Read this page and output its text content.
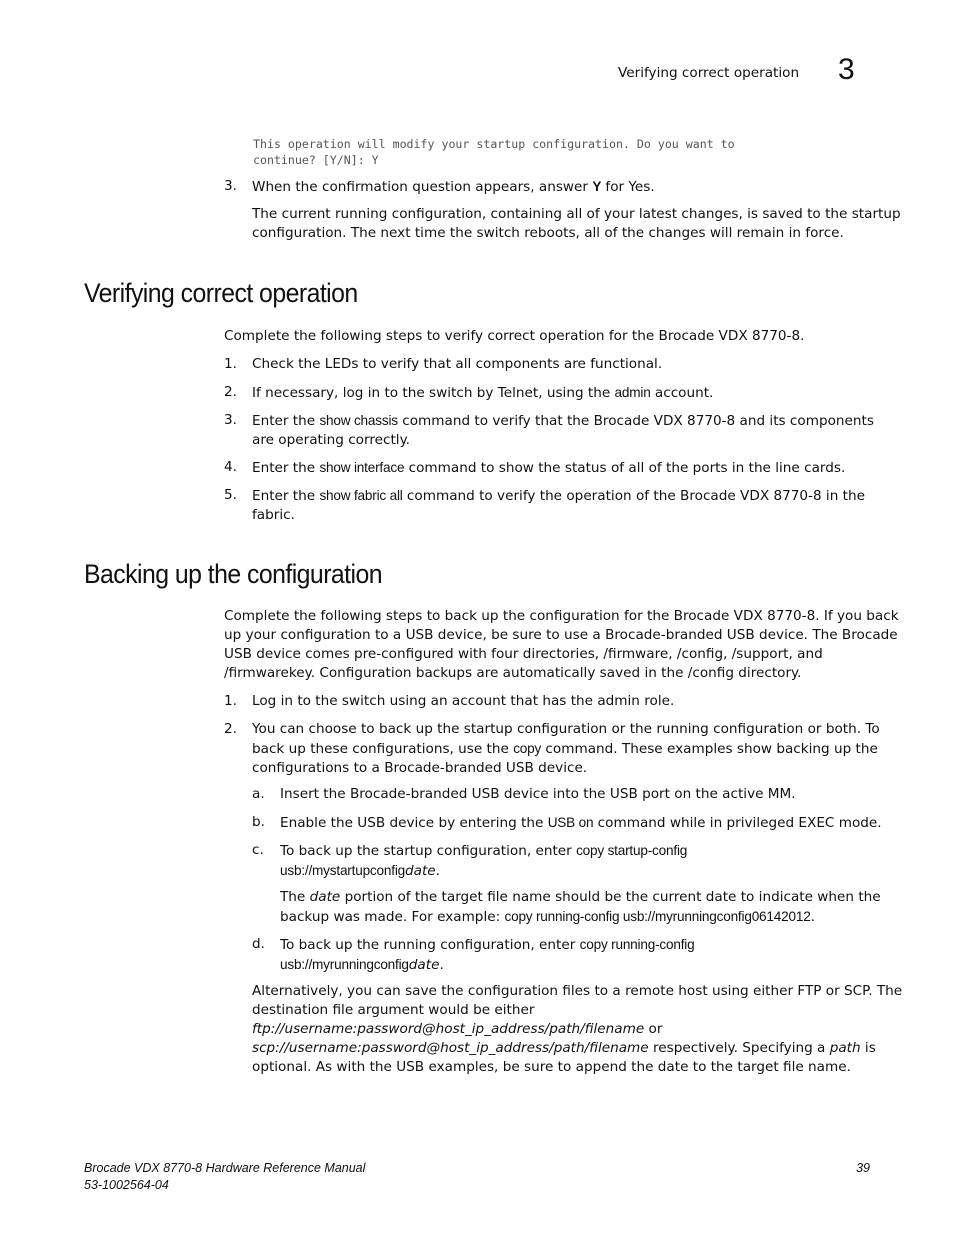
Verifying correct operation 3
This operation will modify your startup configuration. Do you want to
continue? [Y/N]: Y
3. When the confirmation question appears, answer Y for Yes.
The current running configuration, containing all of your latest changes, is saved to the startup
configuration. The next time the switch reboots, all of the changes will remain in force.
Verifying correct operation
Complete the following steps to verify correct operation for the Brocade VDX 8770-8.
1. Check the LEDs to verify that all components are functional.
2. If necessary, log in to the switch by Telnet, using the admin account.
3. Enter the show chassis command to verify that the Brocade VDX 8770-8 and its components
are operating correctly.
4. Enter the show interface command to show the status of all of the ports in the line cards.
5. Enter the show fabric all command to verify the operation of the Brocade VDX 8770-8 in the
fabric.
Backing up the configuration
Complete the following steps to back up the configuration for the Brocade VDX 8770-8. If you back
up your configuration to a USB device, be sure to use a Brocade-branded USB device. The Brocade
USB device comes pre-configured with four directories, /firmware, /config, /support, and
/firmwarekey. Configuration backups are automatically saved in the /config directory.
1. Log in to the switch using an account that has the admin role.
2. You can choose to back up the startup configuration or the running configuration or both. To
back up these configurations, use the copy command. These examples show backing up the
configurations to a Brocade-branded USB device.
a. Insert the Brocade-branded USB device into the USB port on the active MM.
b. Enable the USB device by entering the USB on command while in privileged EXEC mode.
c. To back up the startup configuration, enter copy startup-config
usb://mystartupconfigdate.
The date portion of the target file name should be the current date to indicate when the
backup was made. For example: copy running-config usb://myrunningconfig06142012.
d. To back up the running configuration, enter copy running-config
usb://myrunningconfigdate.
Alternatively, you can save the configuration files to a remote host using either FTP or SCP. The
destination file argument would be either
ftp://username:password@host_ip_address/path/filename or
scp://username:password@host_ip_address/path/filename respectively. Specifying a path is
optional. As with the USB examples, be sure to append the date to the target file name.
Brocade VDX 8770-8 Hardware Reference Manual
53-1002564-04
39
